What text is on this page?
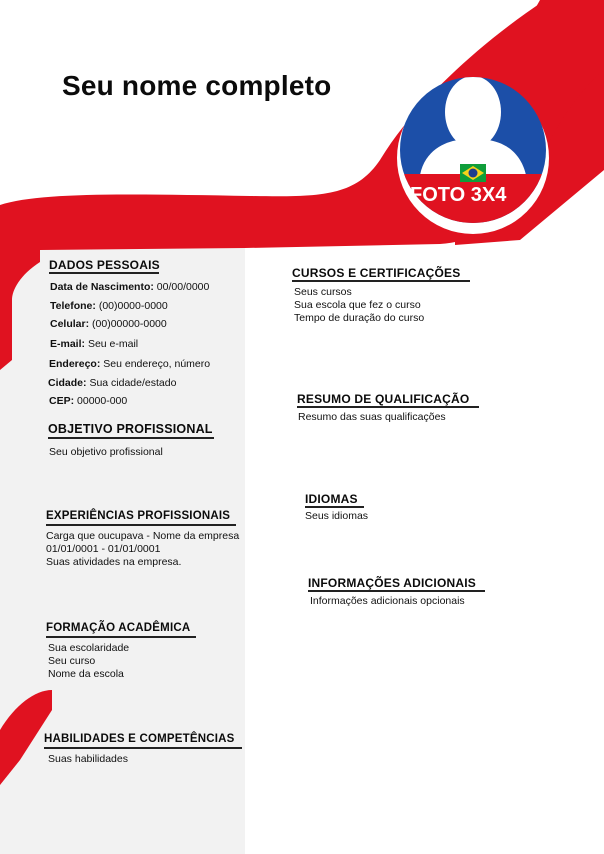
Seu nome completo
FOTO 3X4
DADOS PESSOAIS
Data de Nascimento: 00/00/0000
Telefone: (00)0000-0000
Celular: (00)00000-0000
E-mail: Seu e-mail
Endereço: Seu endereço, número
Cidade: Sua cidade/estado
CEP: 00000-000
OBJETIVO PROFISSIONAL
Seu objetivo profissional
EXPERIÊNCIAS PROFISSIONAIS
Carga que oucupava - Nome da empresa
01/01/0001 - 01/01/0001
Suas atividades na empresa.
FORMAÇÃO ACADÊMICA
Sua escolaridade
Seu curso
Nome da escola
HABILIDADES E COMPETÊNCIAS
Suas habilidades
CURSOS E CERTIFICAÇÕES
Seus cursos
Sua escola que fez o curso
Tempo de duração do curso
RESUMO DE QUALIFICAÇÃO
Resumo das suas qualificações
IDIOMAS
Seus idiomas
INFORMAÇÕES ADICIONAIS
Informações adicionais opcionais
